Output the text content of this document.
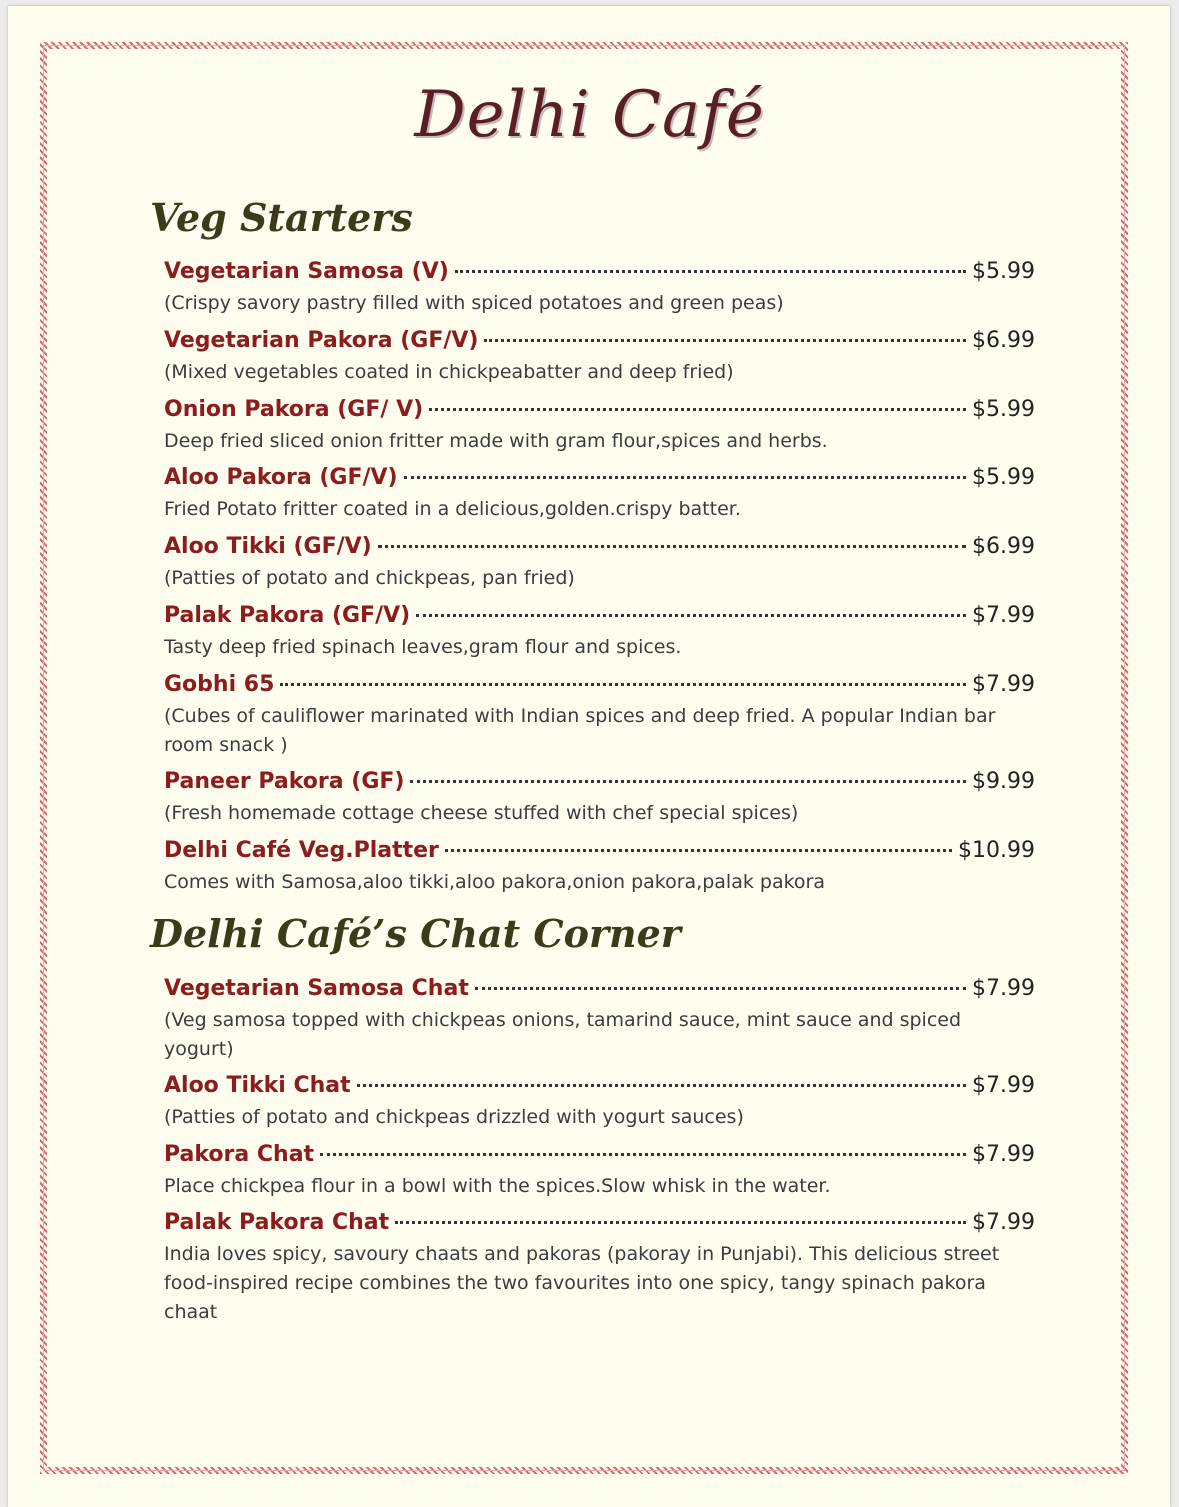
Delhi Café
Veg Starters
Vegetarian Samosa (V)	$5.99
(Crispy savory pastry filled with spiced potatoes and green peas)
Vegetarian Pakora (GF/V)	$6.99
(Mixed vegetables coated in chickpeabatter and deep fried)
Onion Pakora (GF/ V)	$5.99
Deep fried sliced onion fritter made with gram flour,spices and herbs.
Aloo Pakora (GF/V)	$5.99
Fried Potato fritter coated in a delicious,golden.crispy batter.
Aloo Tikki (GF/V)	$6.99
(Patties of potato and chickpeas, pan fried)
Palak Pakora (GF/V)	$7.99
Tasty deep fried spinach leaves,gram flour and spices.
Gobhi 65	$7.99
(Cubes of cauliflower marinated with Indian spices and deep fried. A popular Indian bar room snack )
Paneer Pakora (GF)	$9.99
(Fresh homemade cottage cheese stuffed with chef special spices)
Delhi Café Veg.Platter	$10.99
Comes with Samosa,aloo tikki,aloo pakora,onion pakora,palak pakora
Delhi Café’s Chat Corner
Vegetarian Samosa Chat	$7.99
(Veg samosa topped with chickpeas onions, tamarind sauce, mint sauce and spiced yogurt)
Aloo Tikki Chat	$7.99
(Patties of potato and chickpeas drizzled with yogurt sauces)
Pakora Chat	$7.99
Place chickpea flour in a bowl with the spices.Slow whisk in the water.
Palak Pakora Chat	$7.99
India loves spicy, savoury chaats and pakoras (pakoray in Punjabi). This delicious street food-inspired recipe combines the two favourites into one spicy, tangy spinach pakora chaat
